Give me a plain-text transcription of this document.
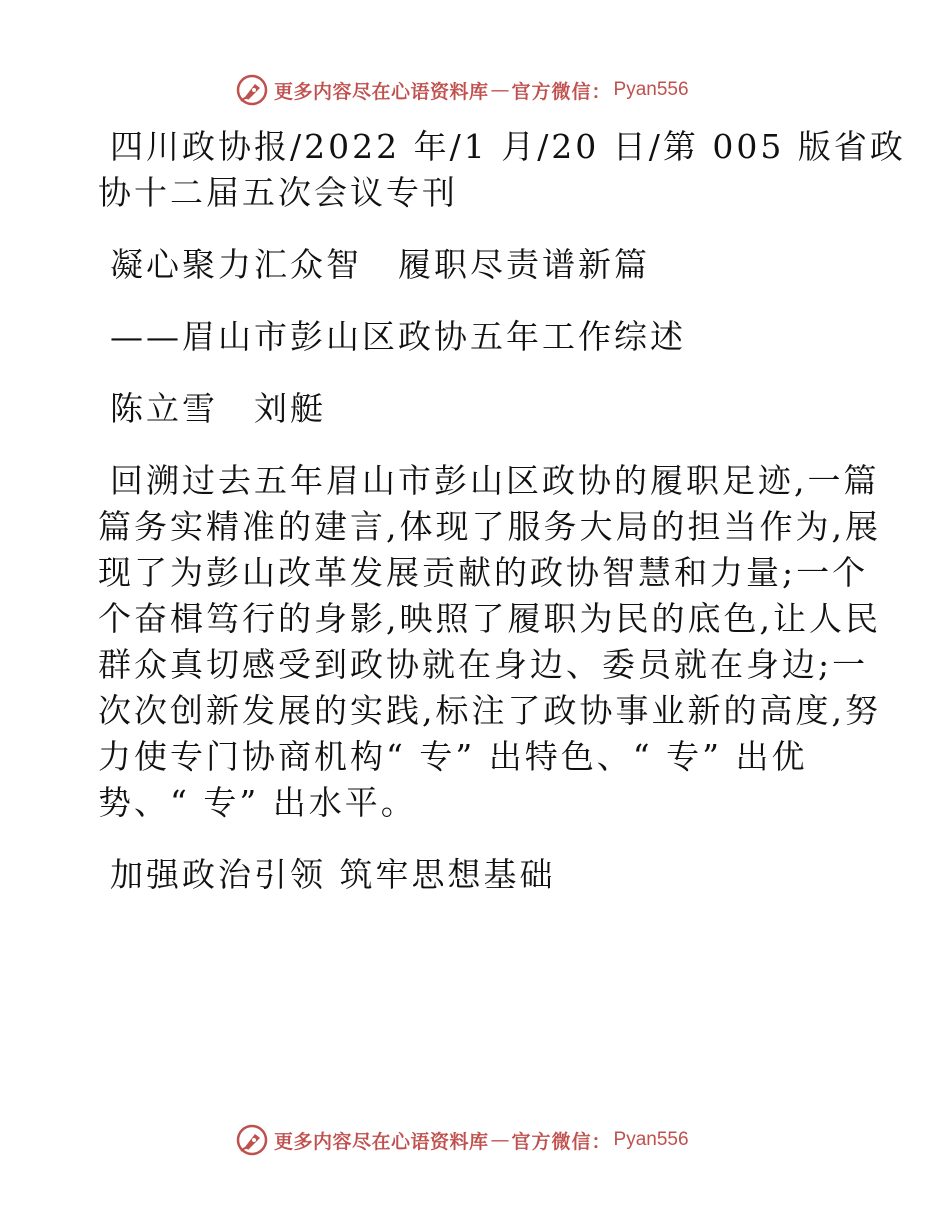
更多内容尽在心语资料库 — 官方微信： Pyan556

四川政协报/2022 年/1 月/20 日/第 005 版省政

协十二届五次会议专刊

凝心聚力汇众智　履职尽责谱新篇

——眉山市彭山区政协五年工作综述

陈立雪　刘艇

回溯过去五年眉山市彭山区政协的履职足迹,一篇

篇务实精准的建言,体现了服务大局的担当作为,展

现了为彭山改革发展贡献的政协智慧和力量;一个

个奋楫笃行的身影,映照了履职为民的底色,让人民

群众真切感受到政协就在身边、委员就在身边;一

次次创新发展的实践,标注了政协事业新的高度,努

力使专门协商机构“ 专” 出特色、“ 专” 出优

势、“ 专” 出水平。

加强政治引领 筑牢思想基础

更多内容尽在心语资料库 — 官方微信： Pyan556
